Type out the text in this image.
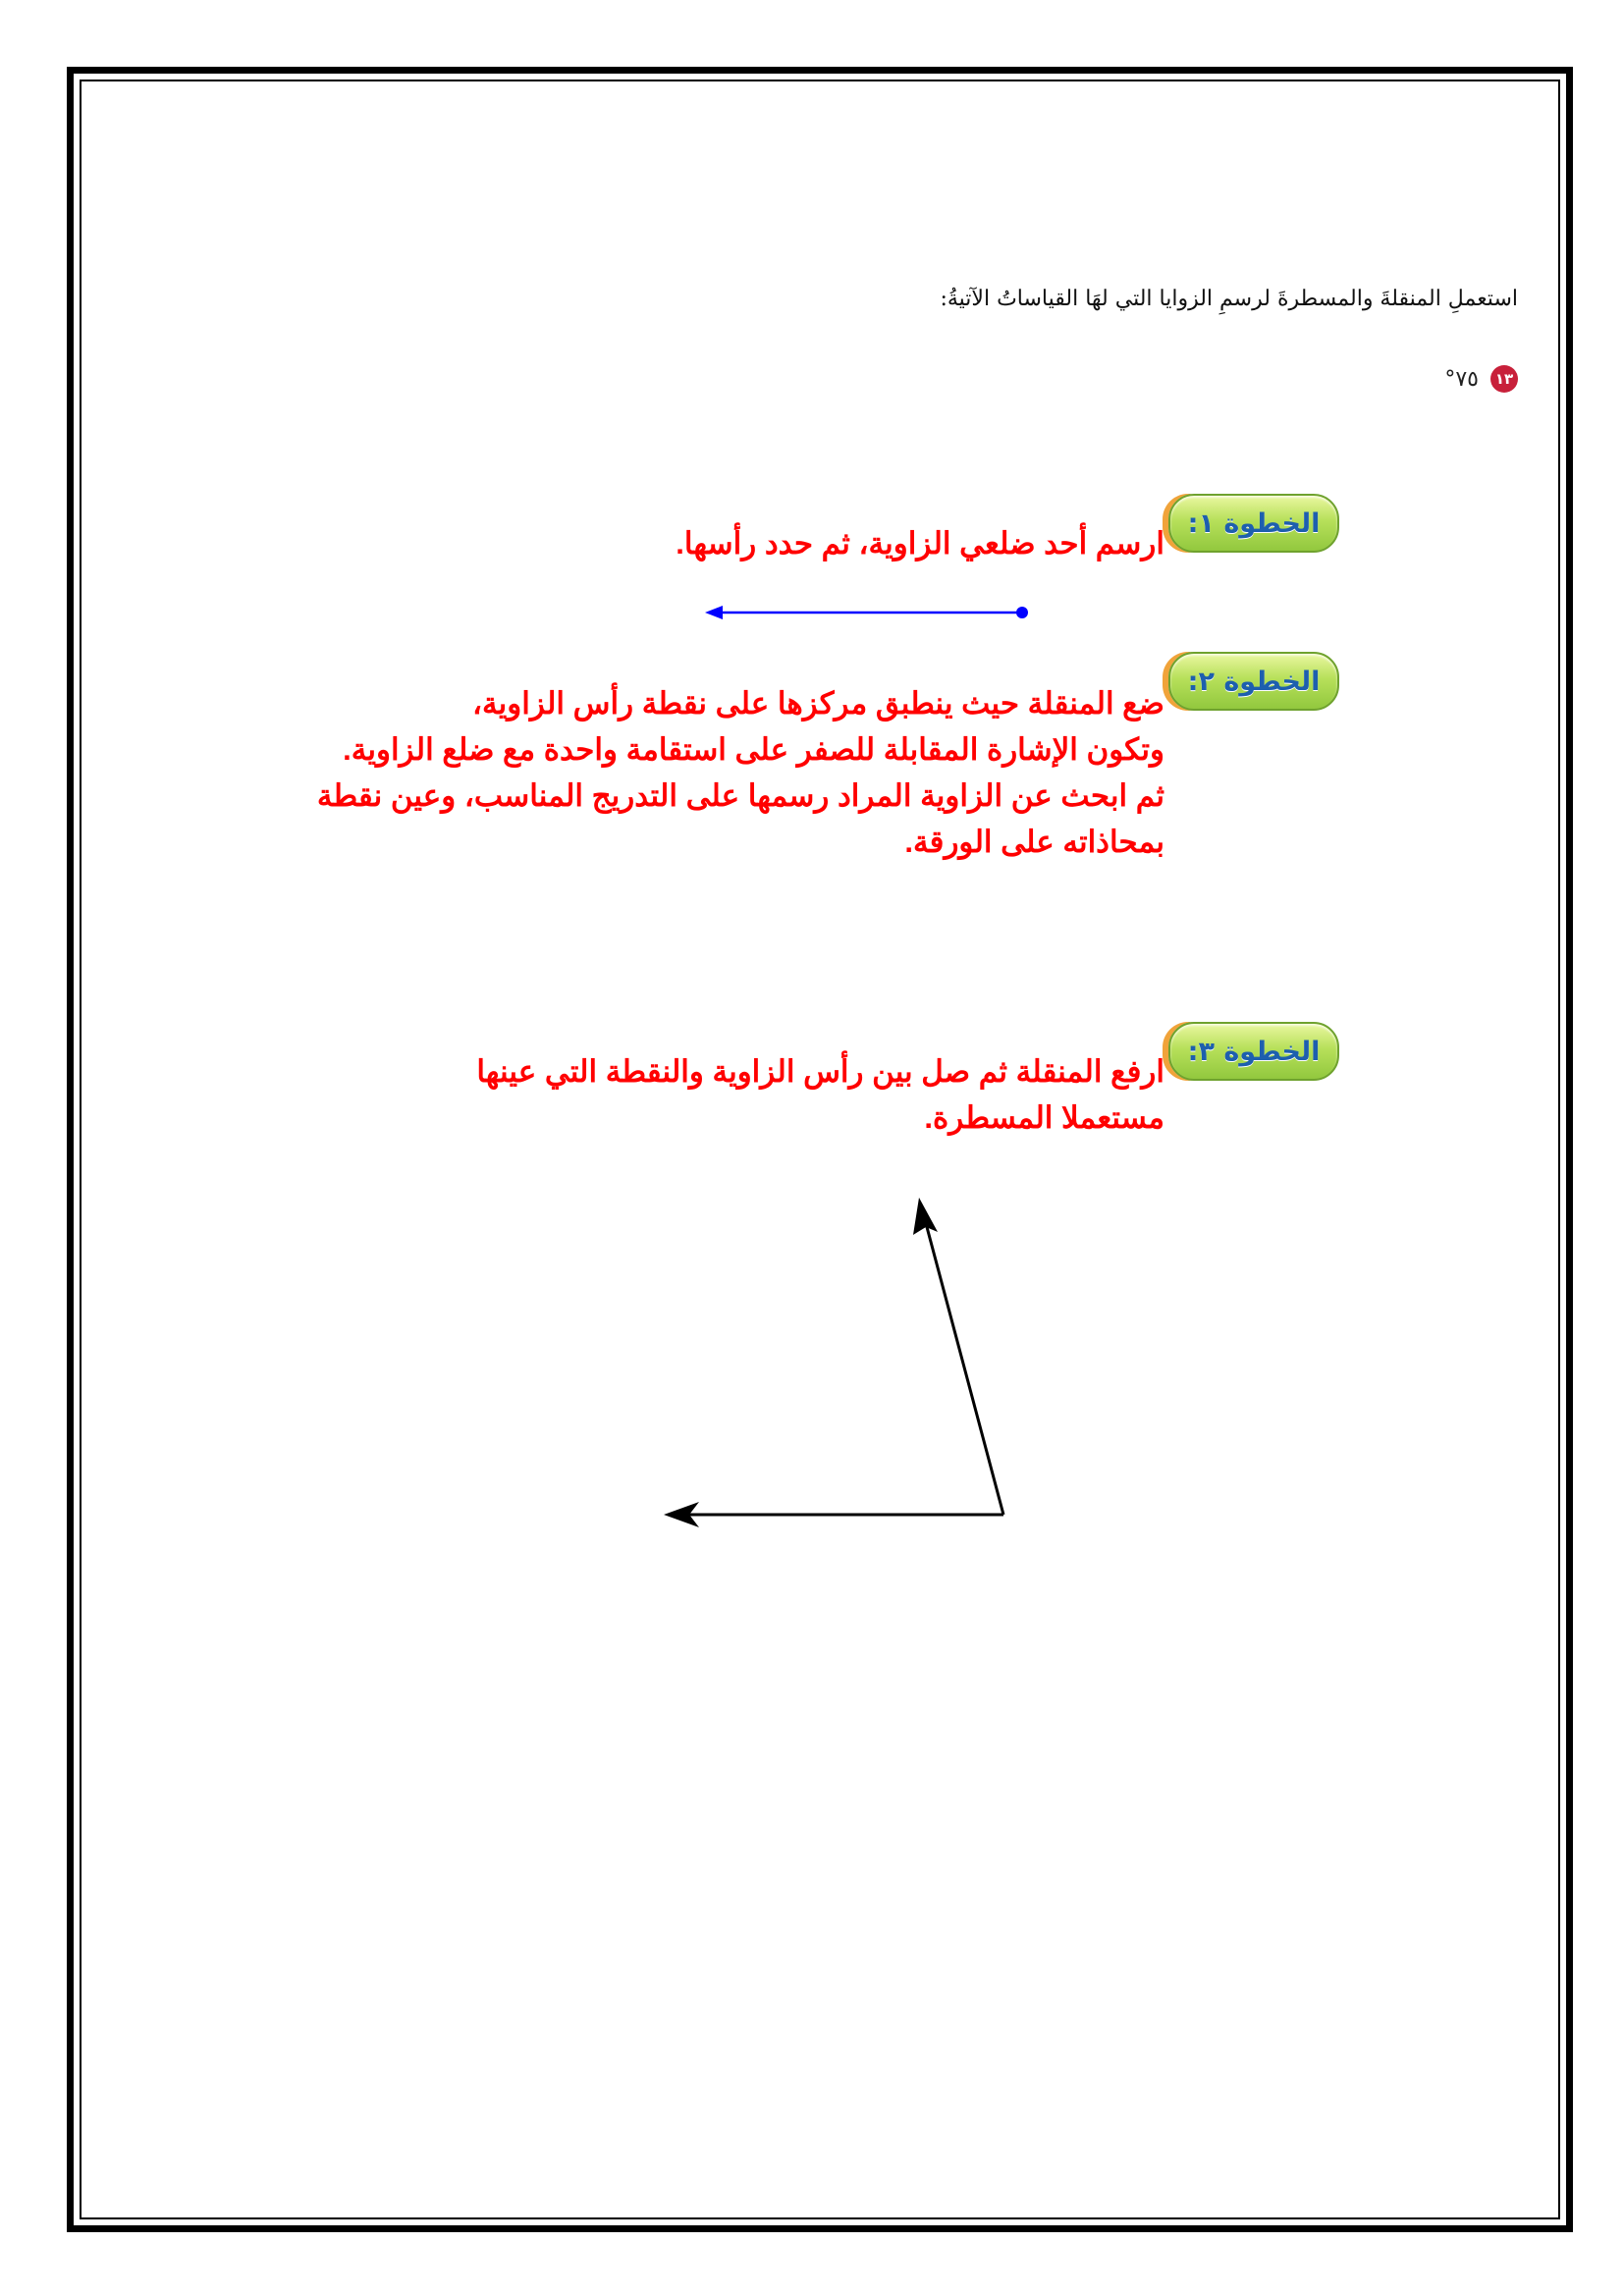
استعملِ المنقلةَ والمسطرةَ لرسمِ الزوايا التي لهَا القياساتُ الآتيةُ:
١٣
٧٥°
الخطوة ١:
ارسم أحد ضلعي الزاوية، ثم حدد رأسها.
الخطوة ٢:
ضع المنقلة حيث ينطبق مركزها على نقطة رأس الزاوية،
وتكون الإشارة المقابلة للصفر على استقامة واحدة مع ضلع الزاوية.
ثم ابحث عن الزاوية المراد رسمها على التدريج المناسب، وعين نقطة
بمحاذاته على الورقة.
الخطوة ٣:
ارفع المنقلة ثم صل بين رأس الزاوية والنقطة التي عينها
مستعملا المسطرة.
